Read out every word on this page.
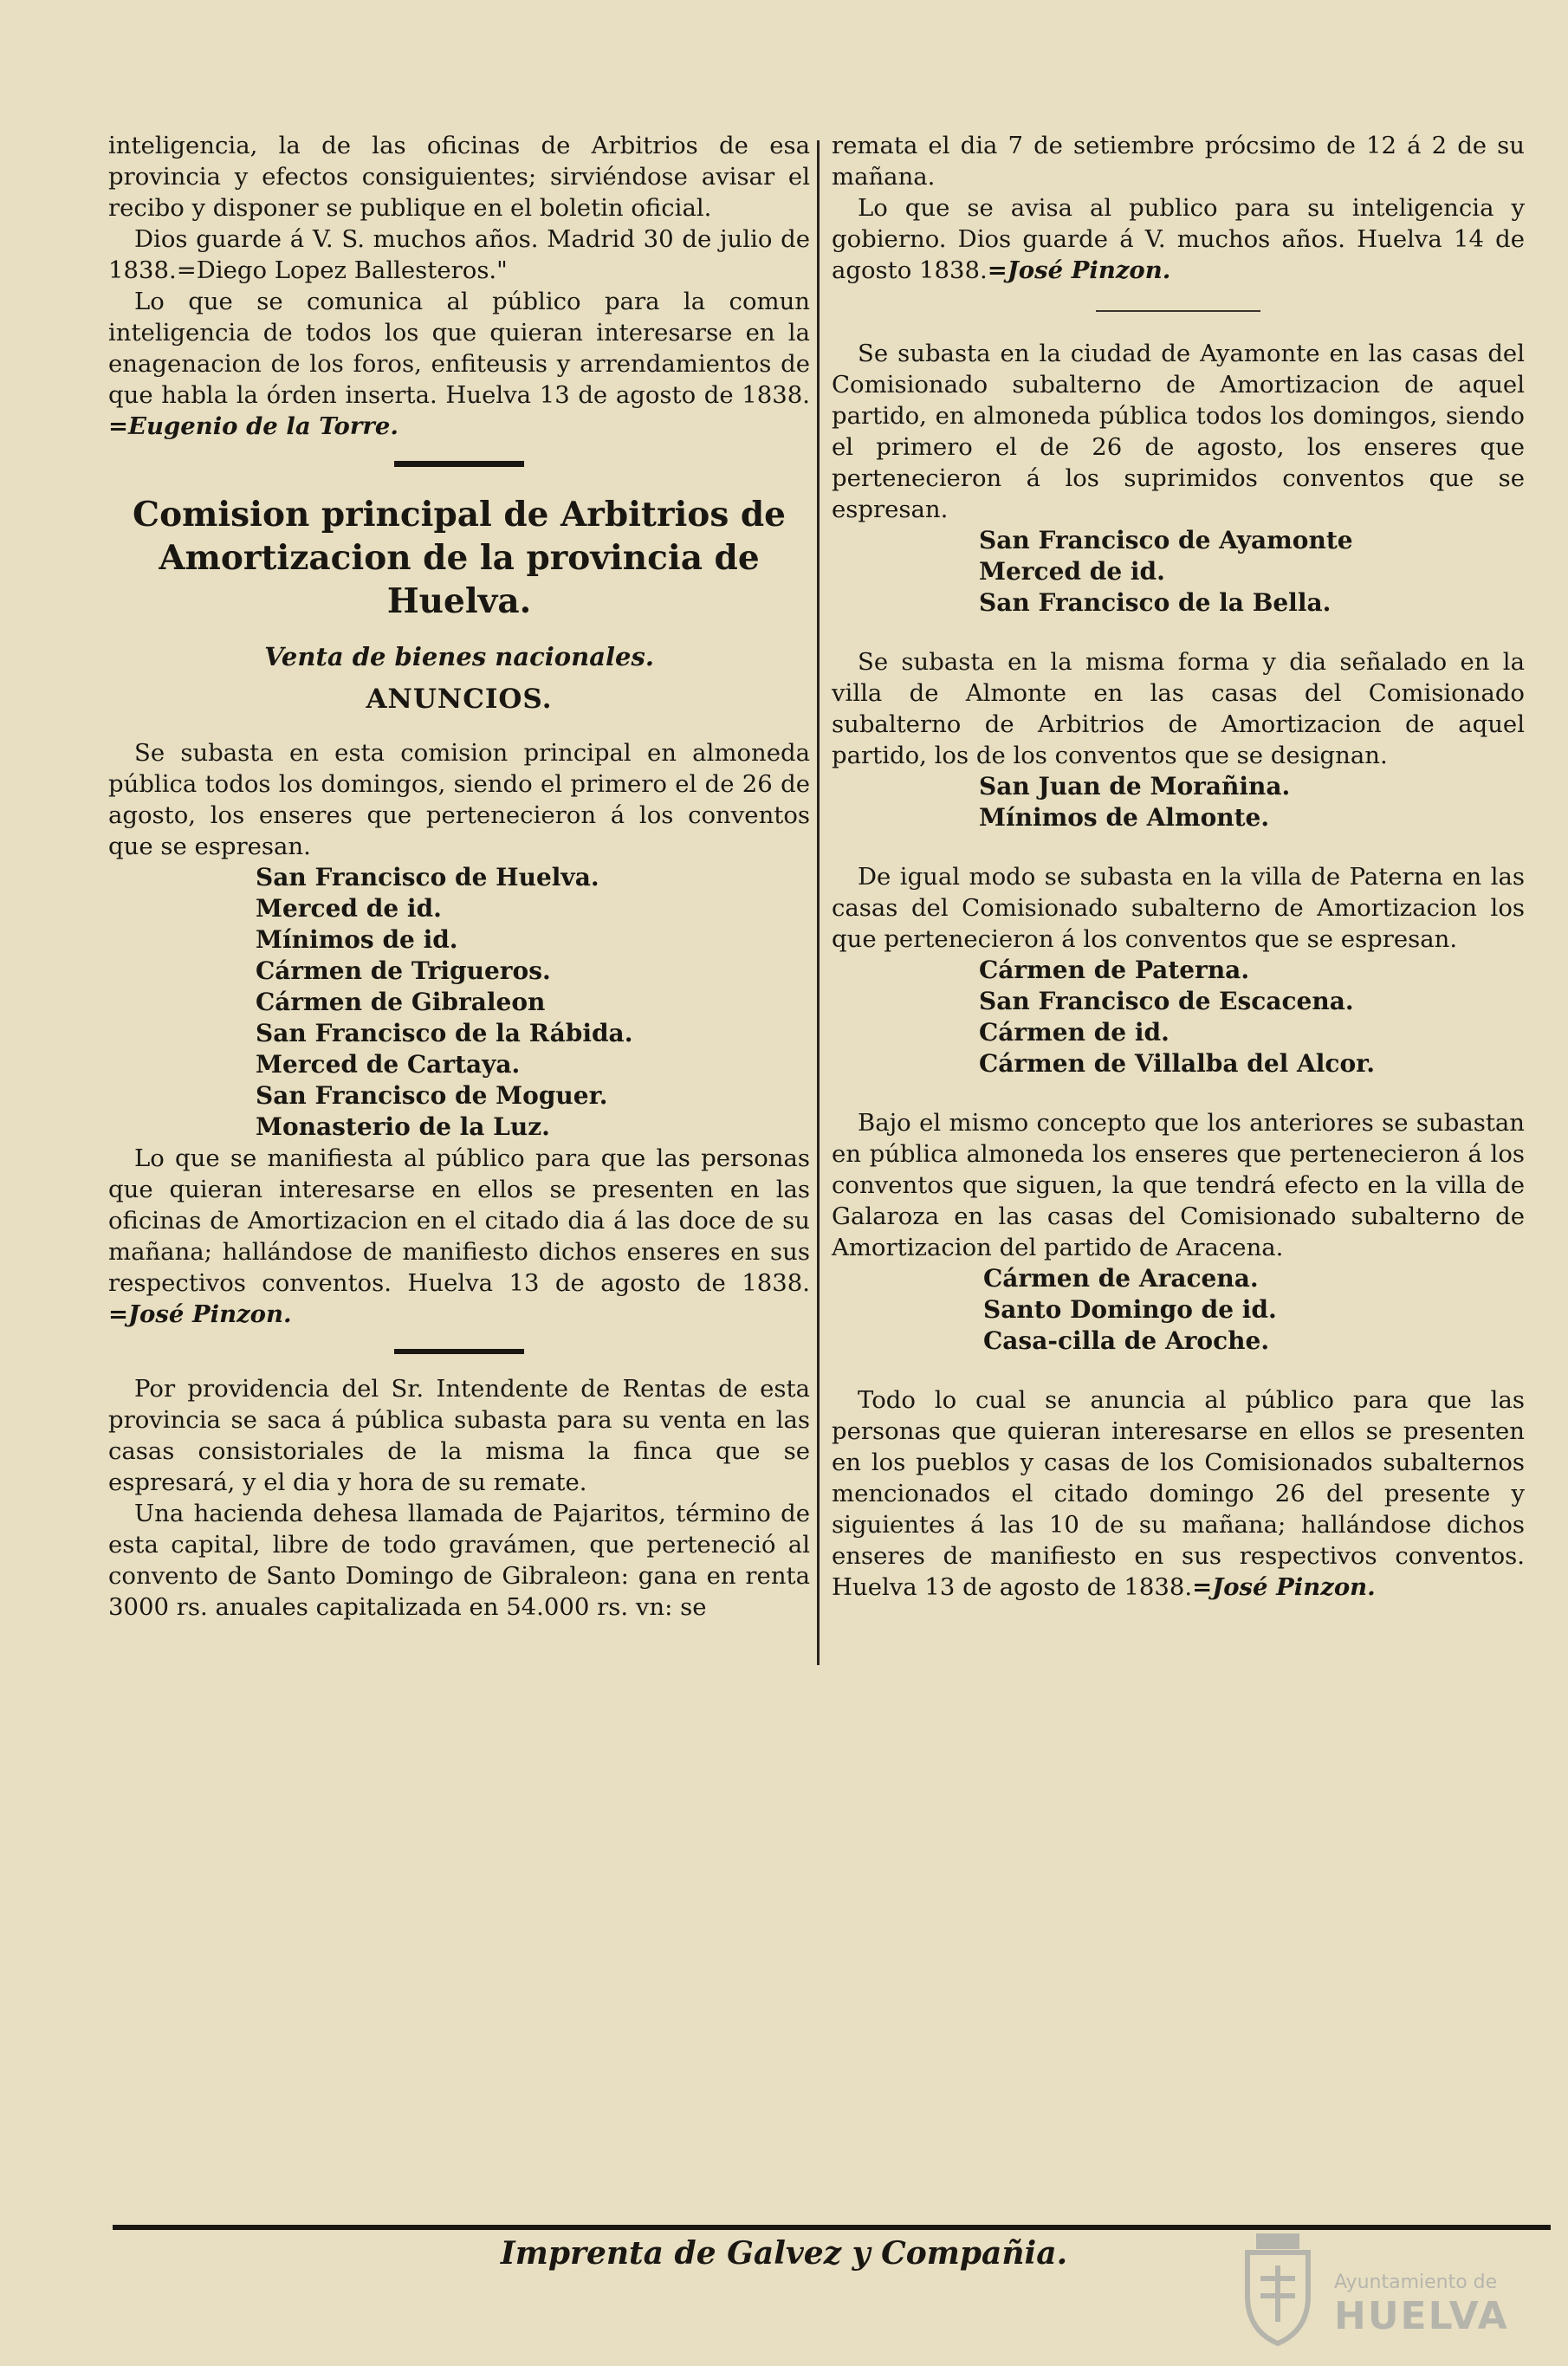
inteligencia, la de las oficinas de Arbitrios de esa provincia y efectos consiguientes; sirviéndose avisar el recibo y disponer se publique en el boletin oficial.

Dios guarde á V. S. muchos años. Madrid 30 de julio de 1838.=Diego Lopez Ballesteros."

Lo que se comunica al público para la comun inteligencia de todos los que quieran interesarse en la enagenacion de los foros, enfiteusis y arrendamientos de que habla la órden inserta. Huelva 13 de agosto de 1838. =Eugenio de la Torre.

Comision principal de Arbitrios de Amortizacion de la provincia de Huelva.
Venta de bienes nacionales.
ANUNCIOS.

Se subasta en esta comision principal en almoneda pública todos los domingos, siendo el primero el de 26 de agosto, los enseres que pertenecieron á los conventos que se espresan.

San Francisco de Huelva.
Merced de id.
Mínimos de id.
Cármen de Trigueros.
Cármen de Gibraleon
San Francisco de la Rábida.
Merced de Cartaya.
San Francisco de Moguer.
Monasterio de la Luz.

Lo que se manifiesta al público para que las personas que quieran interesarse en ellos se presenten en las oficinas de Amortizacion en el citado dia á las doce de su mañana; hallándose de manifiesto dichos enseres en sus respectivos conventos. Huelva 13 de agosto de 1838. =José Pinzon.

Por providencia del Sr. Intendente de Rentas de esta provincia se saca á pública subasta para su venta en las casas consistoriales de la misma la finca que se espresará, y el dia y hora de su remate.

Una hacienda dehesa llamada de Pajaritos, término de esta capital, libre de todo gravámen, que perteneció al convento de Santo Domingo de Gibraleon: gana en renta 3000 rs. anuales capitalizada en 54.000 rs. vn: se

remata el dia 7 de setiembre prócsimo de 12 á 2 de su mañana.

Lo que se avisa al publico para su inteligencia y gobierno. Dios guarde á V. muchos años. Huelva 14 de agosto 1838.=José Pinzon.

Se subasta en la ciudad de Ayamonte en las casas del Comisionado subalterno de Amortizacion de aquel partido, en almoneda pública todos los domingos, siendo el primero el de 26 de agosto, los enseres que pertenecieron á los suprimidos conventos que se espresan.

San Francisco de Ayamonte
Merced de id.
San Francisco de la Bella.

Se subasta en la misma forma y dia señalado en la villa de Almonte en las casas del Comisionado subalterno de Arbitrios de Amortizacion de aquel partido, los de los conventos que se designan.

San Juan de Morañina.
Mínimos de Almonte.

De igual modo se subasta en la villa de Paterna en las casas del Comisionado subalterno de Amortizacion los que pertenecieron á los conventos que se espresan.

Cármen de Paterna.
San Francisco de Escacena.
Cármen de id.
Cármen de Villalba del Alcor.

Bajo el mismo concepto que los anteriores se subastan en pública almoneda los enseres que pertenecieron á los conventos que siguen, la que tendrá efecto en la villa de Galaroza en las casas del Comisionado subalterno de Amortizacion del partido de Aracena.

Cármen de Aracena.
Santo Domingo de id.
Casa-cilla de Aroche.

Todo lo cual se anuncia al público para que las personas que quieran interesarse en ellos se presenten en los pueblos y casas de los Comisionados subalternos mencionados el citado domingo 26 del presente y siguientes á las 10 de su mañana; hallándose dichos enseres de manifiesto en sus respectivos conventos. Huelva 13 de agosto de 1838.=José Pinzon.

Imprenta de Galvez y Compañia.
Ayuntamiento de
HUELVA
